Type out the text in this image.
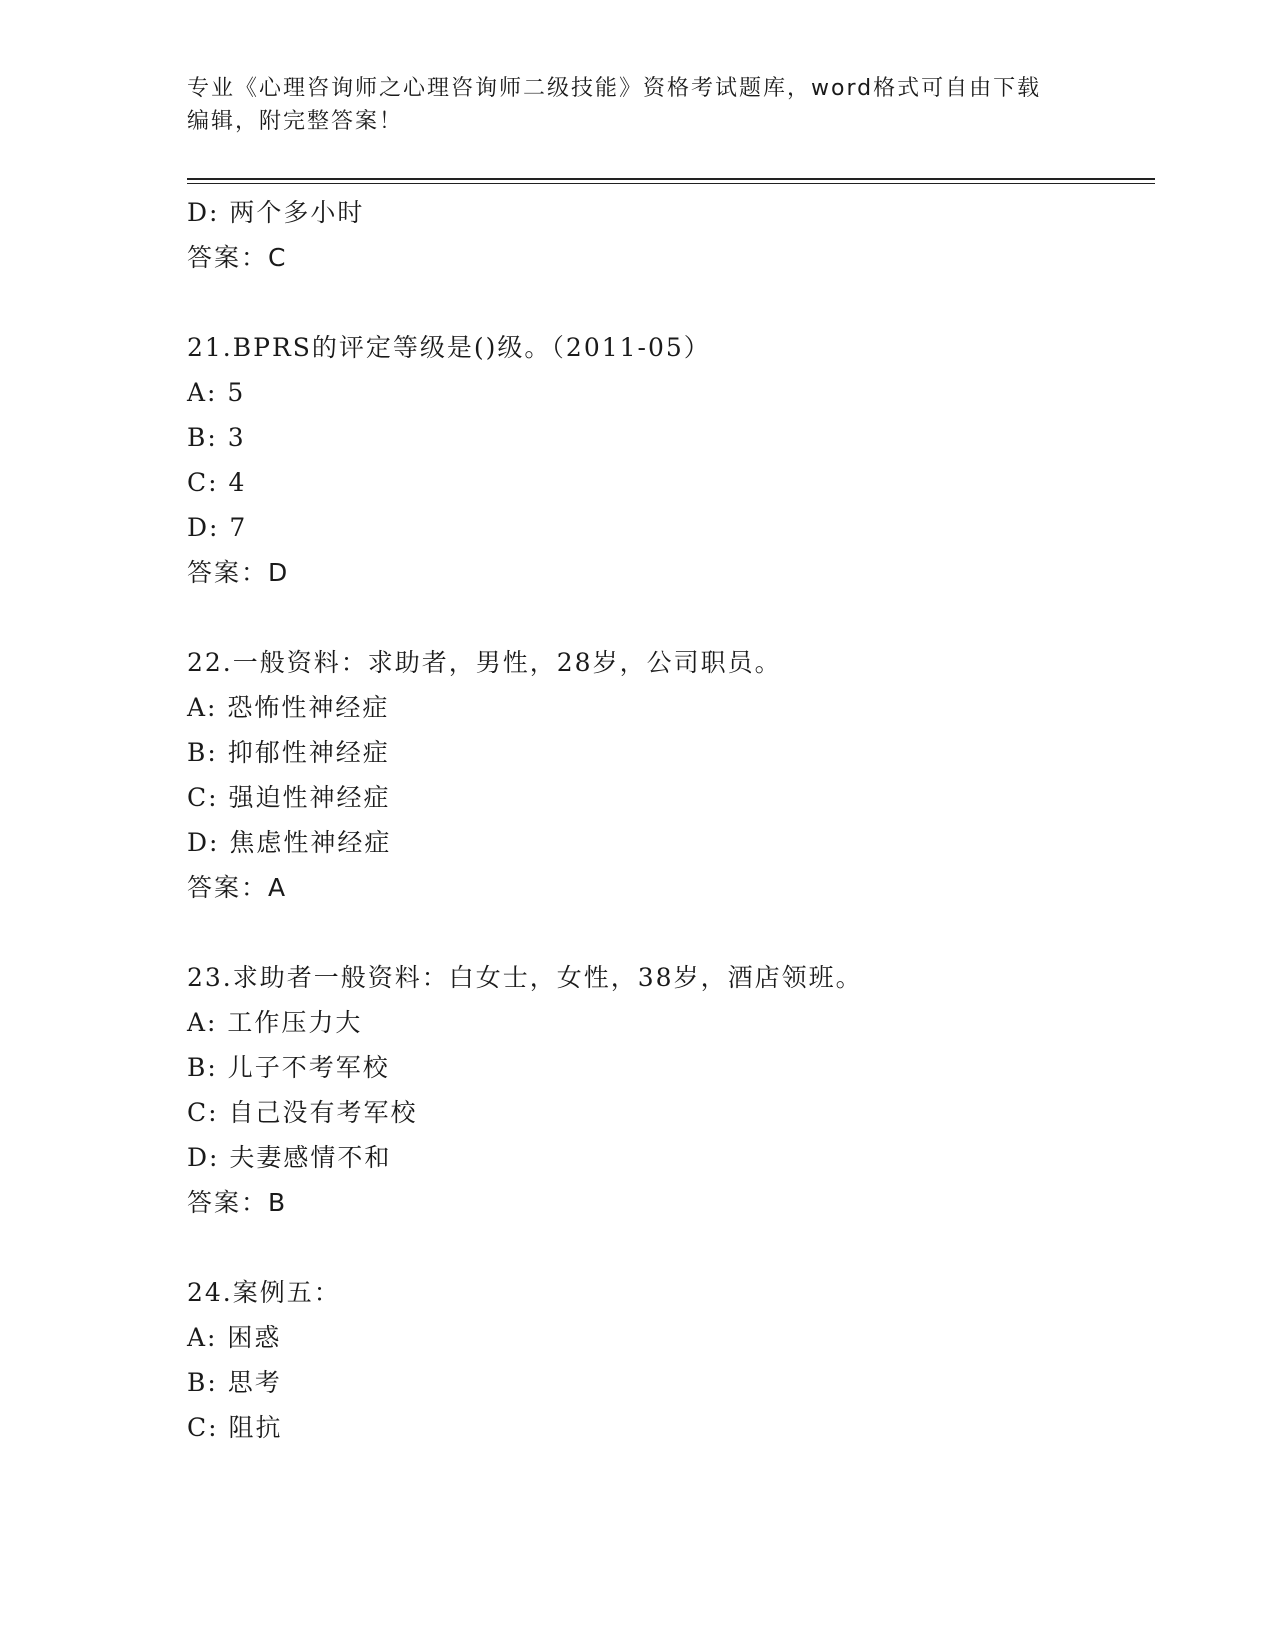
专业《心理咨询师之心理咨询师二级技能》资格考试题库，word格式可自由下载
编辑，附完整答案！
D: 两个多小时
答案：C
21.BPRS的评定等级是()级。（2011-05）
A: 5
B: 3
C: 4
D: 7
答案：D
22.一般资料：求助者，男性，28岁，公司职员。
A: 恐怖性神经症
B: 抑郁性神经症
C: 强迫性神经症
D: 焦虑性神经症
答案：A
23.求助者一般资料：白女士，女性，38岁，酒店领班。
A: 工作压力大
B: 儿子不考军校
C: 自己没有考军校
D: 夫妻感情不和
答案：B
24.案例五：
A: 困惑
B: 思考
C: 阻抗
